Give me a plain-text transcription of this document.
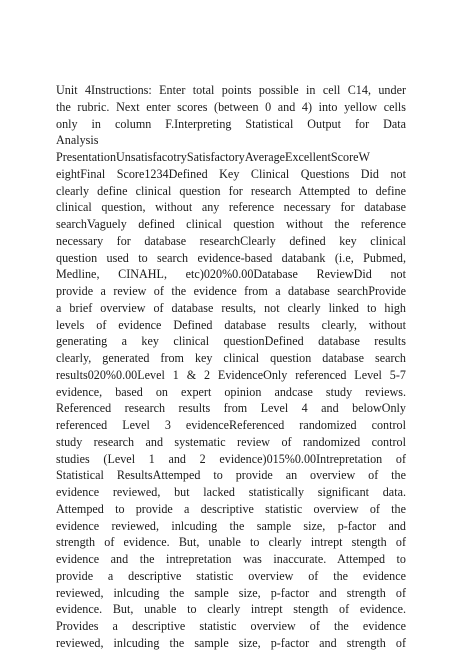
Unit 4Instructions: Enter total points possible in cell C14, under
the rubric. Next enter scores (between 0 and 4) into yellow cells
only in column F.Interpreting Statistical Output for Data
Analysis
PresentationUnsatisfacotrySatisfactoryAverageExcellentScoreW
eightFinal Score1234Defined Key Clinical Questions Did not
clearly define clinical question for research Attempted to define
clinical question, without any reference necessary for database
searchVaguely defined clinical question without the reference
necessary for database researchClearly defined key clinical
question used to search evidence-based databank (i.e, Pubmed,
Medline, CINAHL, etc)020%0.00Database ReviewDid not
provide a review of the evidence from a database searchProvide
a brief overview of database results, not clearly linked to high
levels of evidence Defined database results clearly, without
generating a key clinical questionDefined database results
clearly, generated from key clinical question database search
results020%0.00Level 1 & 2 EvidenceOnly referenced Level 5-7
evidence, based on expert opinion andcase study reviews.
Referenced research results from Level 4 and belowOnly
referenced Level 3 evidenceReferenced randomized control
study research and systematic review of randomized control
studies (Level 1 and 2 evidence)015%0.00Intrepretation of
Statistical ResultsAttemped to provide an overview of the
evidence reviewed, but lacked statistically significant data.
Attemped to provide a descriptive statistic overview of the
evidence reviewed, inlcuding the sample size, p-factor and
strength of evidence. But, unable to clearly intrept stength of
evidence and the intrepretation was inaccurate. Attemped to
provide a descriptive statistic overview of the evidence
reviewed, inlcuding the sample size, p-factor and strength of
evidence. But, unable to clearly intrept stength of evidence.
Provides a descriptive statistic overview of the evidence
reviewed, inlcuding the sample size, p-factor and strength of
